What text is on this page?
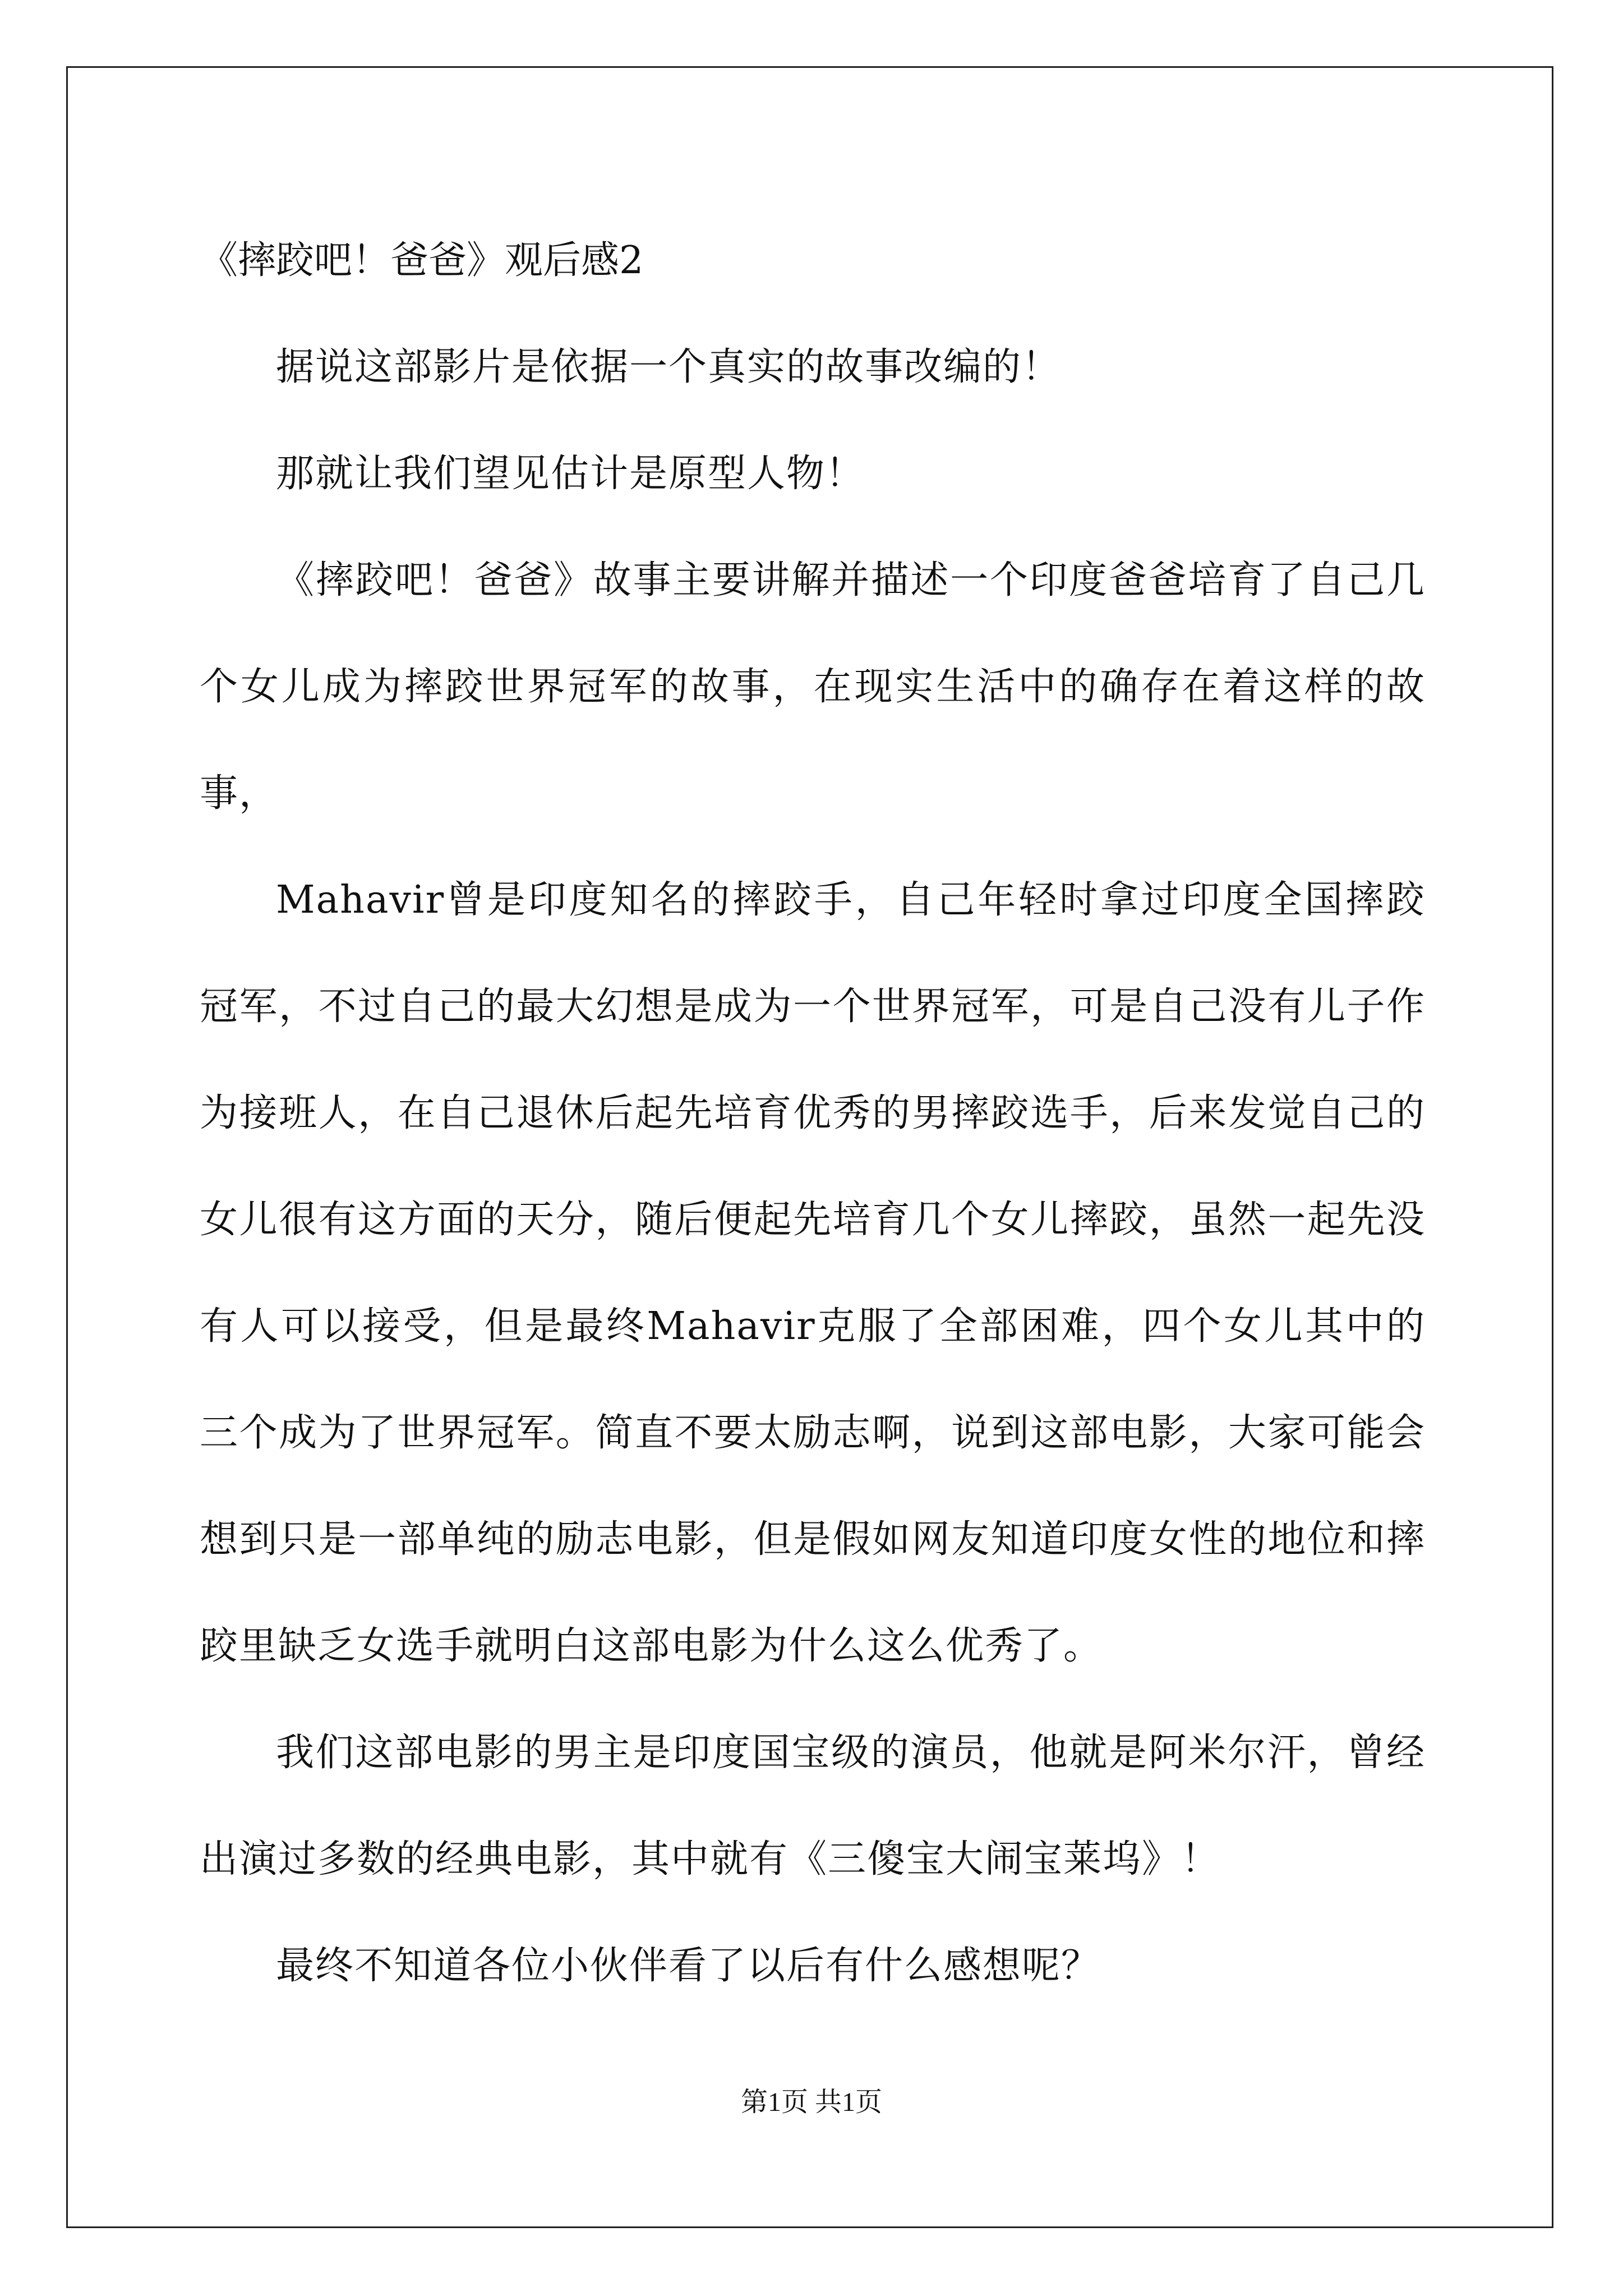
《摔跤吧！爸爸》观后感2

据说这部影片是依据一个真实的故事改编的！

那就让我们望见估计是原型人物！

《摔跤吧！爸爸》故事主要讲解并描述一个印度爸爸培育了自己几个女儿成为摔跤世界冠军的故事，在现实生活中的确存在着这样的故事，

Mahavir曾是印度知名的摔跤手，自己年轻时拿过印度全国摔跤冠军，不过自己的最大幻想是成为一个世界冠军，可是自己没有儿子作为接班人，在自己退休后起先培育优秀的男摔跤选手，后来发觉自己的女儿很有这方面的天分，随后便起先培育几个女儿摔跤，虽然一起先没有人可以接受，但是最终Mahavir克服了全部困难，四个女儿其中的三个成为了世界冠军。简直不要太励志啊，说到这部电影，大家可能会想到只是一部单纯的励志电影，但是假如网友知道印度女性的地位和摔跤里缺乏女选手就明白这部电影为什么这么优秀了。

我们这部电影的男主是印度国宝级的演员，他就是阿米尔汗，曾经出演过多数的经典电影，其中就有《三傻宝大闹宝莱坞》！

最终不知道各位小伙伴看了以后有什么感想呢？

第1页 共1页
